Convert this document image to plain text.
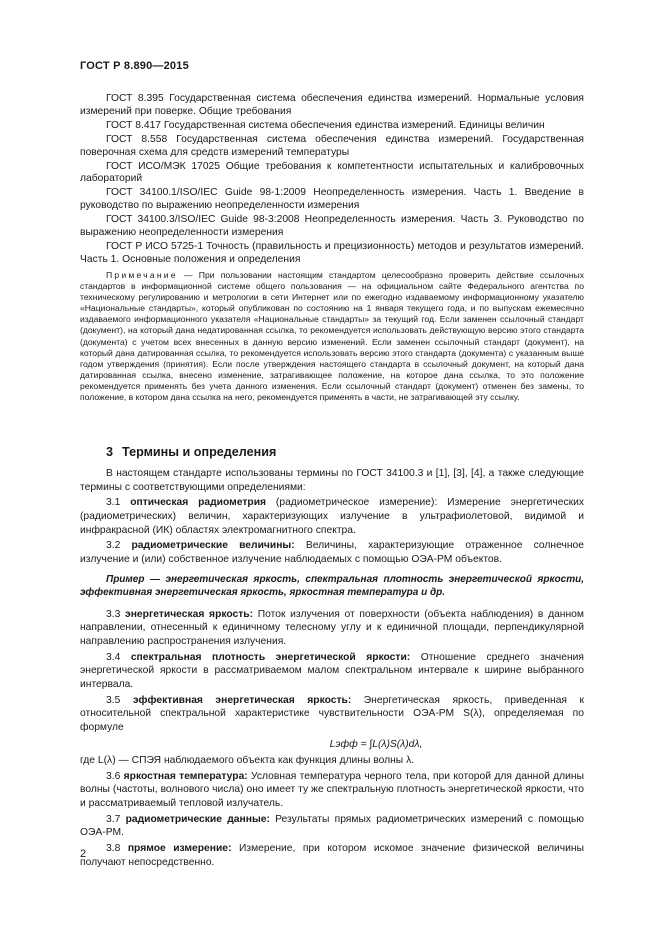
ГОСТ Р 8.890—2015

ГОСТ 8.395 Государственная система обеспечения единства измерений. Нормальные условия измерений при поверке. Общие требования

ГОСТ 8.417 Государственная система обеспечения единства измерений. Единицы величин

ГОСТ 8.558 Государственная система обеспечения единства измерений. Государственная поверочная схема для средств измерений температуры

ГОСТ ИСО/МЭК 17025 Общие требования к компетентности испытательных и калибровочных лабораторий

ГОСТ 34100.1/ISO/IEC Guide 98-1:2009 Неопределенность измерения. Часть 1. Введение в руководство по выражению неопределенности измерения

ГОСТ 34100.3/ISO/IEC Guide 98-3:2008 Неопределенность измерения. Часть 3. Руководство по выражению неопределенности измерения

ГОСТ Р ИСО 5725-1 Точность (правильность и прецизионность) методов и результатов измерений. Часть 1. Основные положения и определения

Примечание — При пользовании настоящим стандартом целесообразно проверить действие ссылочных стандартов в информационной системе общего пользования — на официальном сайте Федерального агентства по техническому регулированию и метрологии в сети Интернет или по ежегодно издаваемому информационному указателю «Национальные стандарты», который опубликован по состоянию на 1 января текущего года, и по выпускам ежемесячно издаваемого информационного указателя «Национальные стандарты» за текущий год. Если заменен ссылочный стандарт (документ), на который дана недатированная ссылка, то рекомендуется использовать действующую версию этого стандарта (документа) с учетом всех внесенных в данную версию изменений. Если заменен ссылочный стандарт (документ), на который дана датированная ссылка, то рекомендуется использовать версию этого стандарта (документа) с указанным выше годом утверждения (принятия). Если после утверждения настоящего стандарта в ссылочный документ, на который дана датированная ссылка, внесено изменение, затрагивающее положение, на которое дана ссылка, то это положение рекомендуется применять без учета данного изменения. Если ссылочный стандарт (документ) отменен без замены, то положение, в котором дана ссылка на него, рекомендуется применять в части, не затрагивающей эту ссылку.

3 Термины и определения

В настоящем стандарте использованы термины по ГОСТ 34100.3 и [1], [3], [4], а также следующие термины с соответствующими определениями:

3.1 оптическая радиометрия (радиометрическое измерение): Измерение энергетических (радиометрических) величин, характеризующих излучение в ультрафиолетовой, видимой и инфракрасной (ИК) областях электромагнитного спектра.

3.2 радиометрические величины: Величины, характеризующие отраженное солнечное излучение и (или) собственное излучение наблюдаемых с помощью ОЭА-РМ объектов.

Пример — энергетическая яркость, спектральная плотность энергетической яркости, эффективная энергетическая яркость, яркостная температура и др.

3.3 энергетическая яркость: Поток излучения от поверхности (объекта наблюдения) в данном направлении, отнесенный к единичному телесному углу и к единичной площади, перпендикулярной направлению распространения излучения.

3.4 спектральная плотность энергетической яркости: Отношение среднего значения энергетической яркости в рассматриваемом малом спектральном интервале к ширине выбранного интервала.

3.5 эффективная энергетическая яркость: Энергетическая яркость, приведенная к относительной спектральной характеристике чувствительности ОЭА-РМ S(λ), определяемая по формуле

Lэфф = ∫L(λ)S(λ)dλ,

где L(λ) — СПЭЯ наблюдаемого объекта как функция длины волны λ.

3.6 яркостная температура: Условная температура черного тела, при которой для данной длины волны (частоты, волнового числа) оно имеет ту же спектральную плотность энергетической яркости, что и рассматриваемый тепловой излучатель.

3.7 радиометрические данные: Результаты прямых радиометрических измерений с помощью ОЭА-РМ.

3.8 прямое измерение: Измерение, при котором искомое значение физической величины получают непосредственно.

2
